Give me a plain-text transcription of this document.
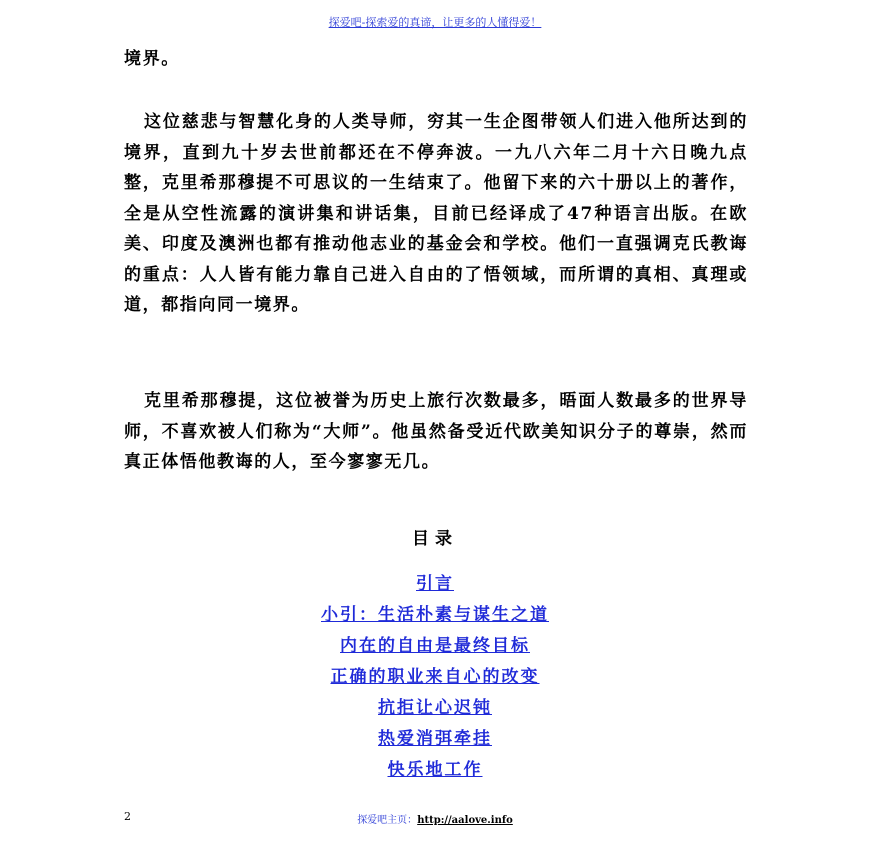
探爱吧-探索爱的真谛，让更多的人懂得爱！
境界。
这位慈悲与智慧化身的人类导师，穷其一生企图带领人们进入他所达到的境界，直到九十岁去世前都还在不停奔波。一九八六年二月十六日晚九点整，克里希那穆提不可思议的一生结束了。他留下来的六十册以上的著作，全是从空性流露的演讲集和讲话集，目前已经译成了47种语言出版。在欧美、印度及澳洲也都有推动他志业的基金会和学校。他们一直强调克氏教诲的重点：人人皆有能力靠自己进入自由的了悟领域，而所谓的真相、真理或道，都指向同一境界。
克里希那穆提，这位被誉为历史上旅行次数最多，晤面人数最多的世界导师，不喜欢被人们称为“大师”。他虽然备受近代欧美知识分子的尊崇，然而真正体悟他教诲的人，至今寥寥无几。
目录
引言
小引：生活朴素与谋生之道
内在的自由是最终目标
正确的职业来自心的改变
抗拒让心迟钝
热爱消弭牵挂
快乐地工作
2	探爱吧主页：http://aalove.info
